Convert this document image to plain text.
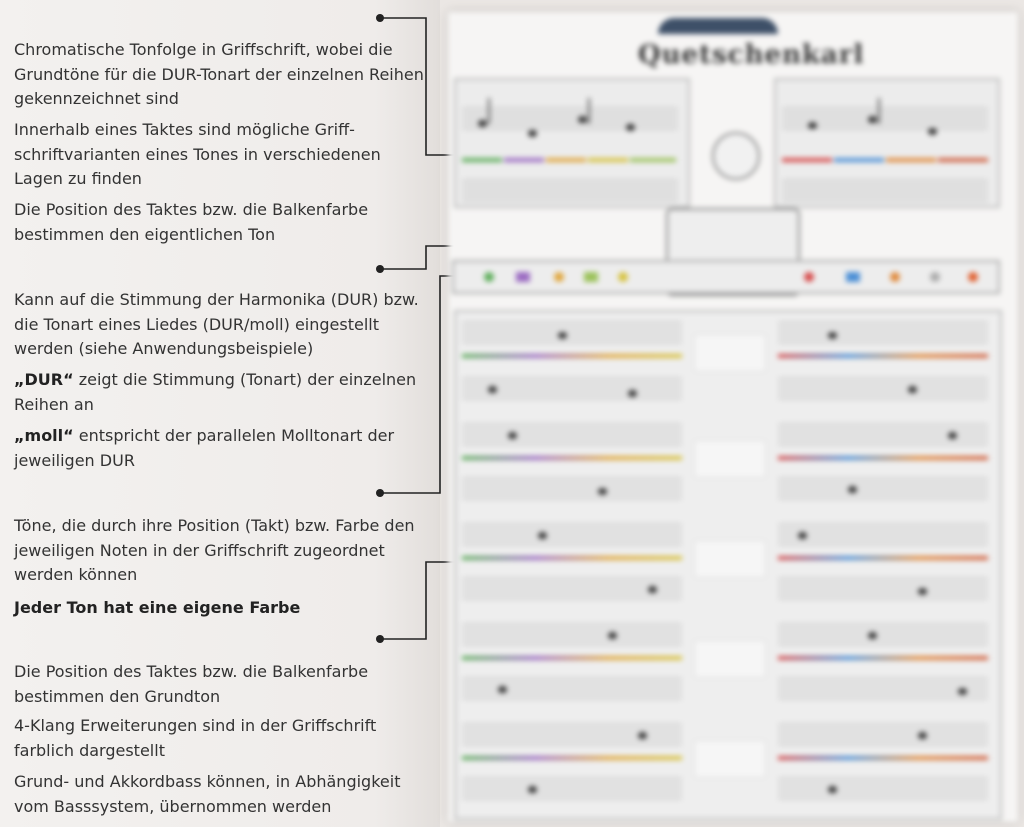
Chromatische Tonfolge in Griffschrift, wobei die Grundtöne für die DUR-Tonart der einzelnen Reihen gekennzeichnet sind
Innerhalb eines Taktes sind mögliche Griffschriftvarianten eines Tones in verschiedenen Lagen zu finden
Die Position des Taktes bzw. die Balkenfarbe bestimmen den eigentlichen Ton
Kann auf die Stimmung der Harmonika (DUR) bzw. die Tonart eines Liedes (DUR/moll) eingestellt werden (siehe Anwendungsbeispiele)
„DUR“ zeigt die Stimmung (Tonart) der einzelnen Reihen an
„moll“ entspricht der parallelen Molltonart der jeweiligen DUR
Töne, die durch ihre Position (Takt) bzw. Farbe den jeweiligen Noten in der Griffschrift zugeordnet werden können
Jeder Ton hat eine eigene Farbe
Die Position des Taktes bzw. die Balkenfarbe bestimmen den Grundton
4-Klang Erweiterungen sind in der Griffschrift farblich dargestellt
Grund- und Akkordbass können, in Abhängigkeit vom Basssystem, übernommen werden
Quetschenkarl
